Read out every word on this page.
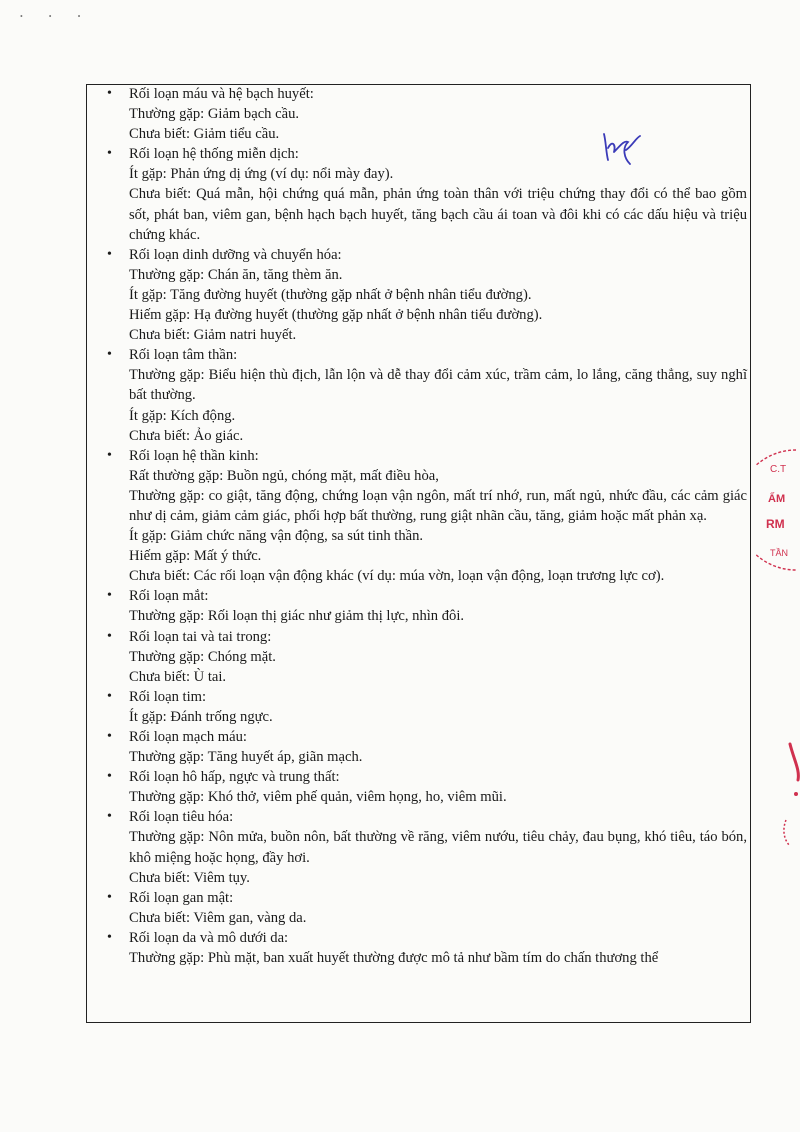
• • •
C.T
ẨM
RM
TẦN
• Rối loạn máu và hệ bạch huyết:
Thường gặp: Giảm bạch cầu.
Chưa biết: Giảm tiểu cầu.
• Rối loạn hệ thống miễn dịch:
Ít gặp: Phản ứng dị ứng (ví dụ: nổi mày đay).
Chưa biết: Quá mẫn, hội chứng quá mẫn, phản ứng toàn thân với triệu chứng thay đổi có thể bao gồm sốt, phát ban, viêm gan, bệnh hạch bạch huyết, tăng bạch cầu ái toan và đôi khi có các dấu hiệu và triệu chứng khác.
• Rối loạn dinh dưỡng và chuyển hóa:
Thường gặp: Chán ăn, tăng thèm ăn.
Ít gặp: Tăng đường huyết (thường gặp nhất ở bệnh nhân tiểu đường).
Hiếm gặp: Hạ đường huyết (thường gặp nhất ở bệnh nhân tiểu đường).
Chưa biết: Giảm natri huyết.
• Rối loạn tâm thần:
Thường gặp: Biểu hiện thù địch, lẫn lộn và dễ thay đổi cảm xúc, trầm cảm, lo lắng, căng thẳng, suy nghĩ bất thường.
Ít gặp: Kích động.
Chưa biết: Ảo giác.
• Rối loạn hệ thần kinh:
Rất thường gặp: Buồn ngủ, chóng mặt, mất điều hòa,
Thường gặp: co giật, tăng động, chứng loạn vận ngôn, mất trí nhớ, run, mất ngủ, nhức đầu, các cảm giác như dị cảm, giảm cảm giác, phối hợp bất thường, rung giật nhãn cầu, tăng, giảm hoặc mất phản xạ.
Ít gặp: Giảm chức năng vận động, sa sút tinh thần.
Hiếm gặp: Mất ý thức.
Chưa biết: Các rối loạn vận động khác (ví dụ: múa vờn, loạn vận động, loạn trương lực cơ).
• Rối loạn mắt:
Thường gặp: Rối loạn thị giác như giảm thị lực, nhìn đôi.
• Rối loạn tai và tai trong:
Thường gặp: Chóng mặt.
Chưa biết: Ù tai.
• Rối loạn tim:
Ít gặp: Đánh trống ngực.
• Rối loạn mạch máu:
Thường gặp: Tăng huyết áp, giãn mạch.
• Rối loạn hô hấp, ngực và trung thất:
Thường gặp: Khó thở, viêm phế quản, viêm họng, ho, viêm mũi.
• Rối loạn tiêu hóa:
Thường gặp: Nôn mửa, buồn nôn, bất thường về răng, viêm nướu, tiêu chảy, đau bụng, khó tiêu, táo bón, khô miệng hoặc họng, đầy hơi.
Chưa biết: Viêm tụy.
• Rối loạn gan mật:
Chưa biết: Viêm gan, vàng da.
• Rối loạn da và mô dưới da:
Thường gặp: Phù mặt, ban xuất huyết thường được mô tả như bầm tím do chấn thương thể
